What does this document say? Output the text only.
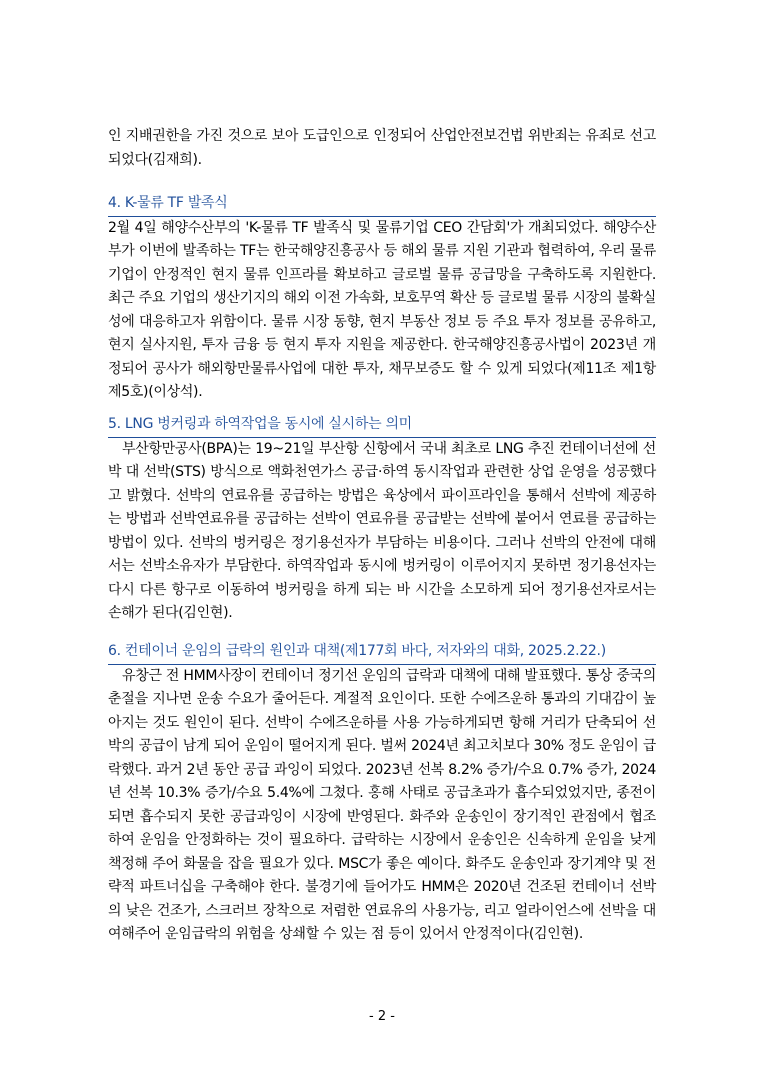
인 지배권한을 가진 것으로 보아 도급인으로 인정되어 산업안전보건법 위반죄는 유죄로 선고되었다(김재희).

4. K-물류 TF 발족식

2월 4일 해양수산부의 'K-물류 TF 발족식 및 물류기업 CEO 간담회'가 개최되었다. 해양수산부가 이번에 발족하는 TF는 한국해양진흥공사 등 해외 물류 지원 기관과 협력하여, 우리 물류기업이 안정적인 현지 물류 인프라를 확보하고 글로벌 물류 공급망을 구축하도록 지원한다. 최근 주요 기업의 생산기지의 해외 이전 가속화, 보호무역 확산 등 글로벌 물류 시장의 불확실성에 대응하고자 위함이다. 물류 시장 동향, 현지 부동산 정보 등 주요 투자 정보를 공유하고, 현지 실사지원, 투자 금융 등 현지 투자 지원을 제공한다. 한국해양진흥공사법이 2023년 개정되어 공사가 해외항만물류사업에 대한 투자, 채무보증도 할 수 있게 되었다(제11조 제1항 제5호)(이상석).

5. LNG 벙커링과 하역작업을 동시에 실시하는 의미

부산항만공사(BPA)는 19~21일 부산항 신항에서 국내 최초로 LNG 추진 컨테이너선에 선박 대 선박(STS) 방식으로 액화천연가스 공급·하역 동시작업과 관련한 상업 운영을 성공했다고 밝혔다. 선박의 연료유를 공급하는 방법은 육상에서 파이프라인을 통해서 선박에 제공하는 방법과 선박연료유를 공급하는 선박이 연료유를 공급받는 선박에 붙어서 연료를 공급하는 방법이 있다. 선박의 벙커링은 정기용선자가 부담하는 비용이다. 그러나 선박의 안전에 대해서는 선박소유자가 부담한다. 하역작업과 동시에 벙커링이 이루어지지 못하면 정기용선자는 다시 다른 항구로 이동하여 벙커링을 하게 되는 바 시간을 소모하게 되어 정기용선자로서는 손해가 된다(김인현).

6. 컨테이너 운임의 급락의 원인과 대책(제177회 바다, 저자와의 대화, 2025.2.22.)

유창근 전 HMM사장이 컨테이너 정기선 운임의 급락과 대책에 대해 발표했다. 통상 중국의 춘절을 지나면 운송 수요가 줄어든다. 계절적 요인이다. 또한 수에즈운하 통과의 기대감이 높아지는 것도 원인이 된다. 선박이 수에즈운하를 사용 가능하게되면 항해 거리가 단축되어 선박의 공급이 남게 되어 운임이 떨어지게 된다. 벌써 2024년 최고치보다 30% 정도 운임이 급락했다. 과거 2년 동안 공급 과잉이 되었다. 2023년 선복 8.2% 증가/수요 0.7% 증가, 2024년 선복 10.3% 증가/수요 5.4%에 그쳤다. 홍해 사태로 공급초과가 흡수되었었지만, 종전이 되면 흡수되지 못한 공급과잉이 시장에 반영된다. 화주와 운송인이 장기적인 관점에서 협조하여 운임을 안정화하는 것이 필요하다. 급락하는 시장에서 운송인은 신속하게 운임을 낮게 책정해 주어 화물을 잡을 필요가 있다. MSC가 좋은 예이다. 화주도 운송인과 장기계약 및 전략적 파트너십을 구축해야 한다. 불경기에 들어가도 HMM은 2020년 건조된 컨테이너 선박의 낮은 건조가, 스크러브 장착으로 저렴한 연료유의 사용가능, 리고 얼라이언스에 선박을 대여해주어 운임급락의 위험을 상쇄할 수 있는 점 등이 있어서 안정적이다(김인현).

- 2 -
